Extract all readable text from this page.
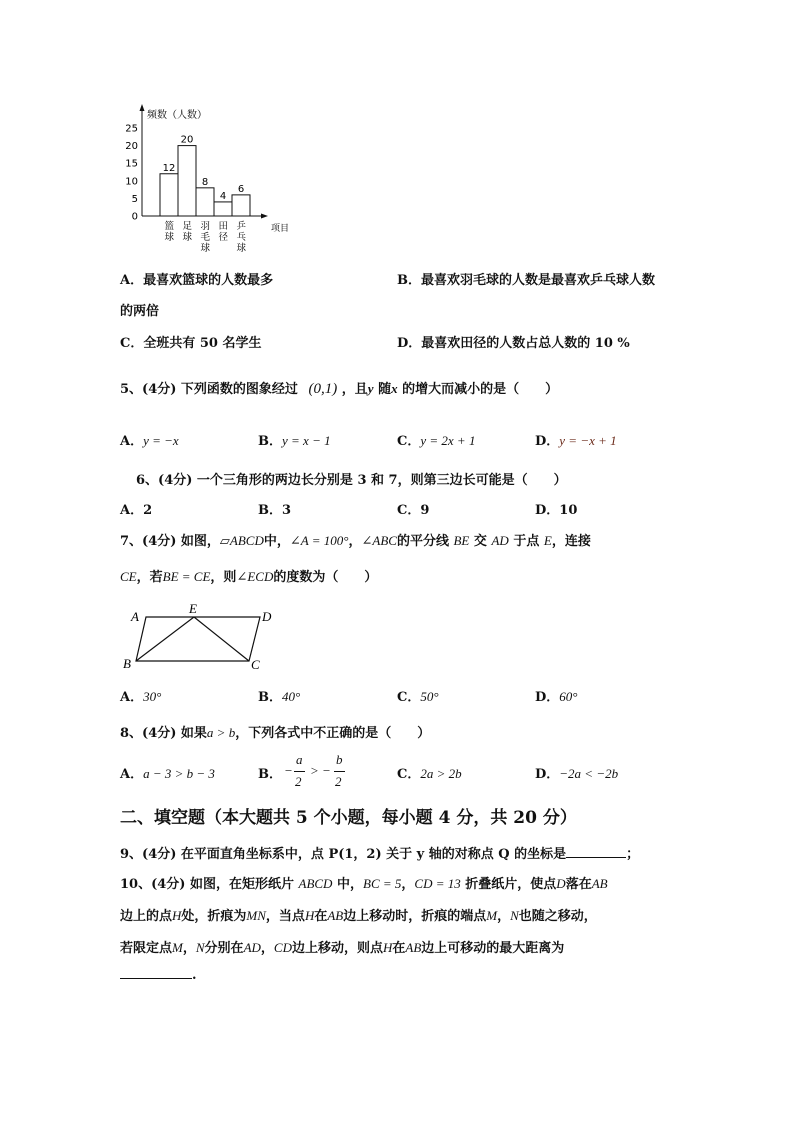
频数（人数）
项目
25
20
15
10
5
0
12
20
8
4
6
篮球
足球
羽毛球
田径
乒乓球
A．最喜欢篮球的人数最多	B．最喜欢羽毛球的人数是最喜欢乒乓球人数
的两倍
C．全班共有 50 名学生	D．最喜欢田径的人数占总人数的 10 %
5、(4分) 下列函数的图象经过 (0,1) ，且y 随x 的增大而减小的是（　　）
A．y = −x	B．y = x − 1	C．y = 2x + 1	D．y = −x + 1
6、(4分) 一个三角形的两边长分别是 3 和 7，则第三边长可能是（　　）
A．2	B．3	C．9	D．10
7、(4分) 如图，▱ABCD中，∠A = 100°，∠ABC的平分线 BE 交 AD 于点 E，连接
CE，若BE = CE，则∠ECD的度数为（　　）
A
E
D
B	C
A．30°	B．40°	C．50°	D．60°
8、(4分) 如果a > b，下列各式中不正确的是（　　）
A．a − 3 > b − 3	B． −
a
2
> −
b
2	C．2a > 2b	D．−2a < −2b
二、填空题（本大题共 5 个小题，每小题 4 分，共 20 分）
9、(4分) 在平面直角坐标系中，点 P(1，2) 关于 y 轴的对称点 Q 的坐标是	；
10、(4分) 如图，在矩形纸片 ABCD 中，BC = 5，CD = 13 折叠纸片，使点D落在AB
边上的点H处，折痕为MN，当点H在AB边上移动时，折痕的端点M，N也随之移动，
若限定点M，N分别在AD，CD边上移动，则点H在AB边上可移动的最大距离为
.
